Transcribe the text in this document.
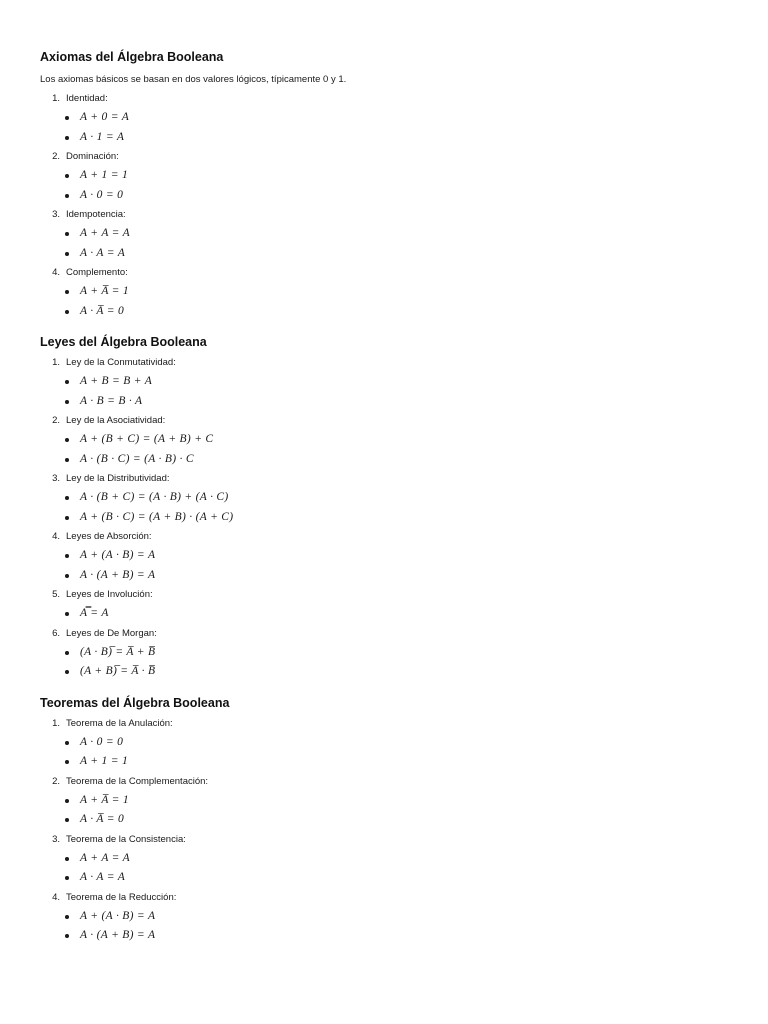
Axiomas del Álgebra Booleana
Los axiomas básicos se basan en dos valores lógicos, típicamente 0 y 1.
1. Identidad:
A + 0 = A
A · 1 = A
2. Dominación:
A + 1 = 1
A · 0 = 0
3. Idempotencia:
A + A = A
A · A = A
4. Complemento:
A + A̅ = 1
A · A̅ = 0
Leyes del Álgebra Booleana
1. Ley de la Conmutatividad:
A + B = B + A
A · B = B · A
2. Ley de la Asociatividad:
A + (B + C) = (A + B) + C
A · (B · C) = (A · B) · C
3. Ley de la Distributividad:
A · (B + C) = (A · B) + (A · C)
A + (B · C) = (A + B) · (A + C)
4. Leyes de Absorción:
A + (A · B) = A
A · (A + B) = A
5. Leyes de Involución:
A̿ = A
6. Leyes de De Morgan:
(A · B)̅ = A̅ + B̅
(A + B)̅ = A̅ · B̅
Teoremas del Álgebra Booleana
1. Teorema de la Anulación:
A · 0 = 0
A + 1 = 1
2. Teorema de la Complementación:
A + A̅ = 1
A · A̅ = 0
3. Teorema de la Consistencia:
A + A = A
A · A = A
4. Teorema de la Reducción:
A + (A · B) = A
A · (A + B) = A
